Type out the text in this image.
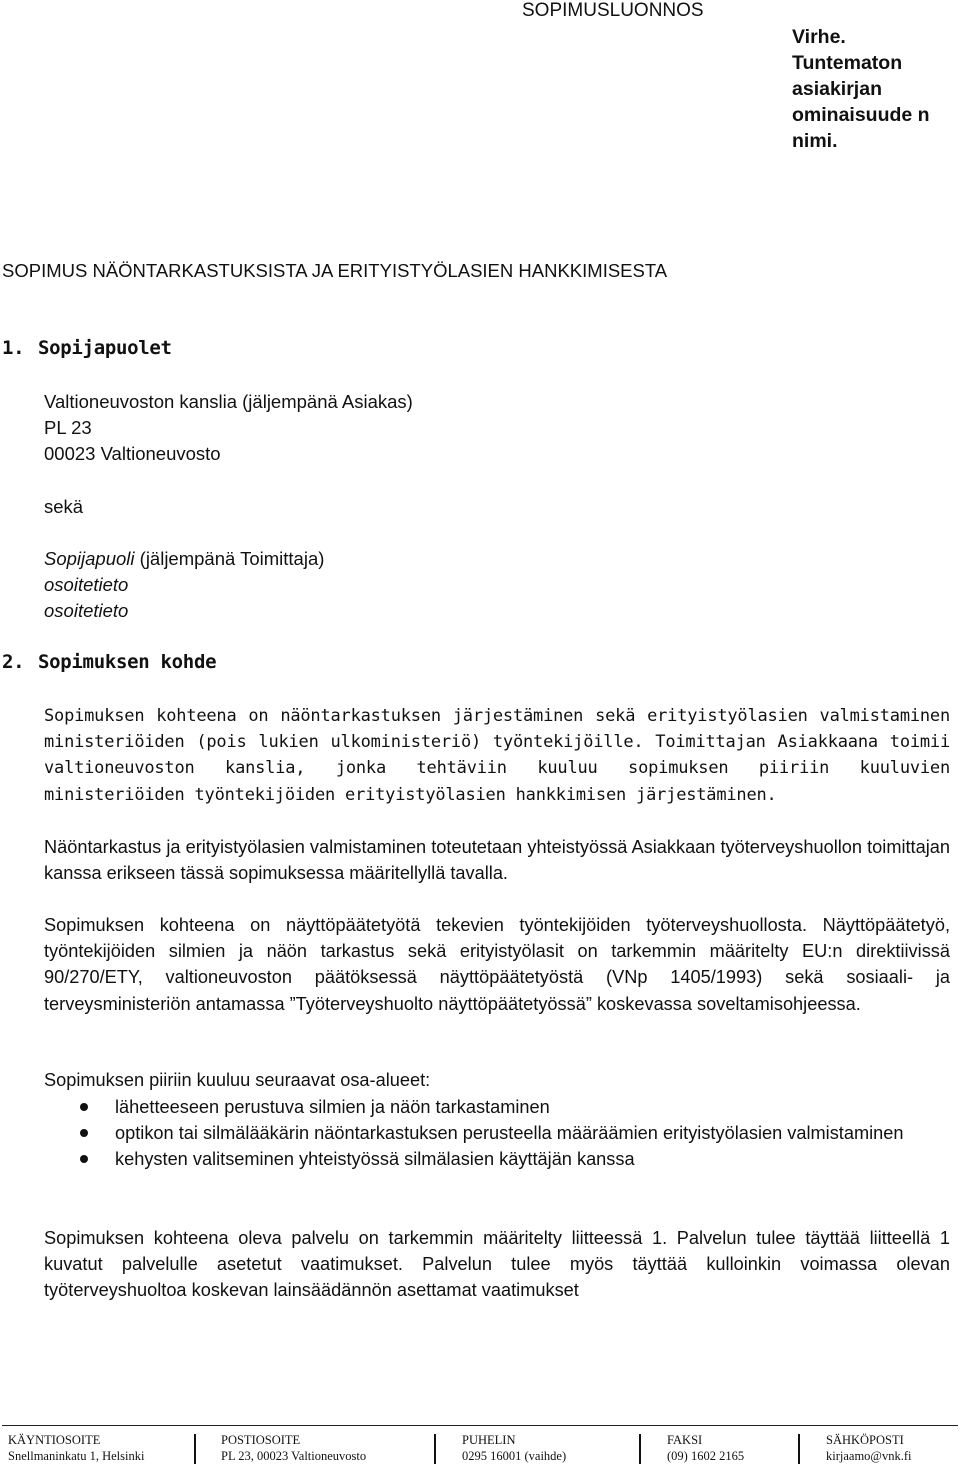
SOPIMUSLUONNOS
Virhe. Tuntematon asiakirjan ominaisuude n nimi.
SOPIMUS NÄÖNTARKASTUKSISTA JA ERITYISTYÖLASIEN HANKKIMISESTA
1. Sopijapuolet
Valtioneuvoston kanslia (jäljempänä Asiakas)
PL 23
00023 Valtioneuvosto
sekä
Sopijapuoli (jäljempänä Toimittaja)
osoitetieto
osoitetieto
2. Sopimuksen kohde

Sopimuksen kohteena on näöntarkastuksen järjestäminen sekä erityistyölasien valmistaminen ministeriöiden (pois lukien ulkoministeriö) työntekijöille. Toimittajan Asiakkaana toimii valtioneuvoston kanslia, jonka tehtäviin kuuluu sopimuksen piiriin kuuluvien ministeriöiden työntekijöiden erityistyölasien hankkimisen järjestäminen.

Näöntarkastus ja erityistyölasien valmistaminen toteutetaan yhteistyössä Asiakkaan työterveyshuollon toimittajan kanssa erikseen tässä sopimuksessa määritellyllä tavalla.

Sopimuksen kohteena on näyttöpäätetyötä tekevien työntekijöiden työterveyshuollosta. Näyttöpäätetyö, työntekijöiden silmien ja näön tarkastus sekä erityistyölasit on tarkemmin määritelty EU:n direktiivissä 90/270/ETY, valtioneuvoston päätöksessä näyttöpäätetyöstä (VNp 1405/1993) sekä sosiaali- ja terveysministeriön antamassa ”Työterveyshuolto näyttöpäätetyössä” koskevassa soveltamisohjeessa.

Sopimuksen piiriin kuuluu seuraavat osa-alueet:
lähetteeseen perustuva silmien ja näön tarkastaminen
optikon tai silmälääkärin näöntarkastuksen perusteella määräämien erityistyölasien valmistaminen
kehysten valitseminen yhteistyössä silmälasien käyttäjän kanssa

Sopimuksen kohteena oleva palvelu on tarkemmin määritelty liitteessä 1. Palvelun tulee täyttää liitteellä 1 kuvatut palvelulle asetetut vaatimukset. Palvelun tulee myös täyttää kulloinkin voimassa olevan työterveyshuoltoa koskevan lainsäädännön asettamat vaatimukset

KÄYNTIOSOITE
Snellmaninkatu 1, Helsinki
POSTIOSOITE
PL 23, 00023 Valtioneuvosto
PUHELIN
0295 16001 (vaihde)
FAKSI
(09) 1602 2165
SÄHKÖPOSTI
kirjaamo@vnk.fi
